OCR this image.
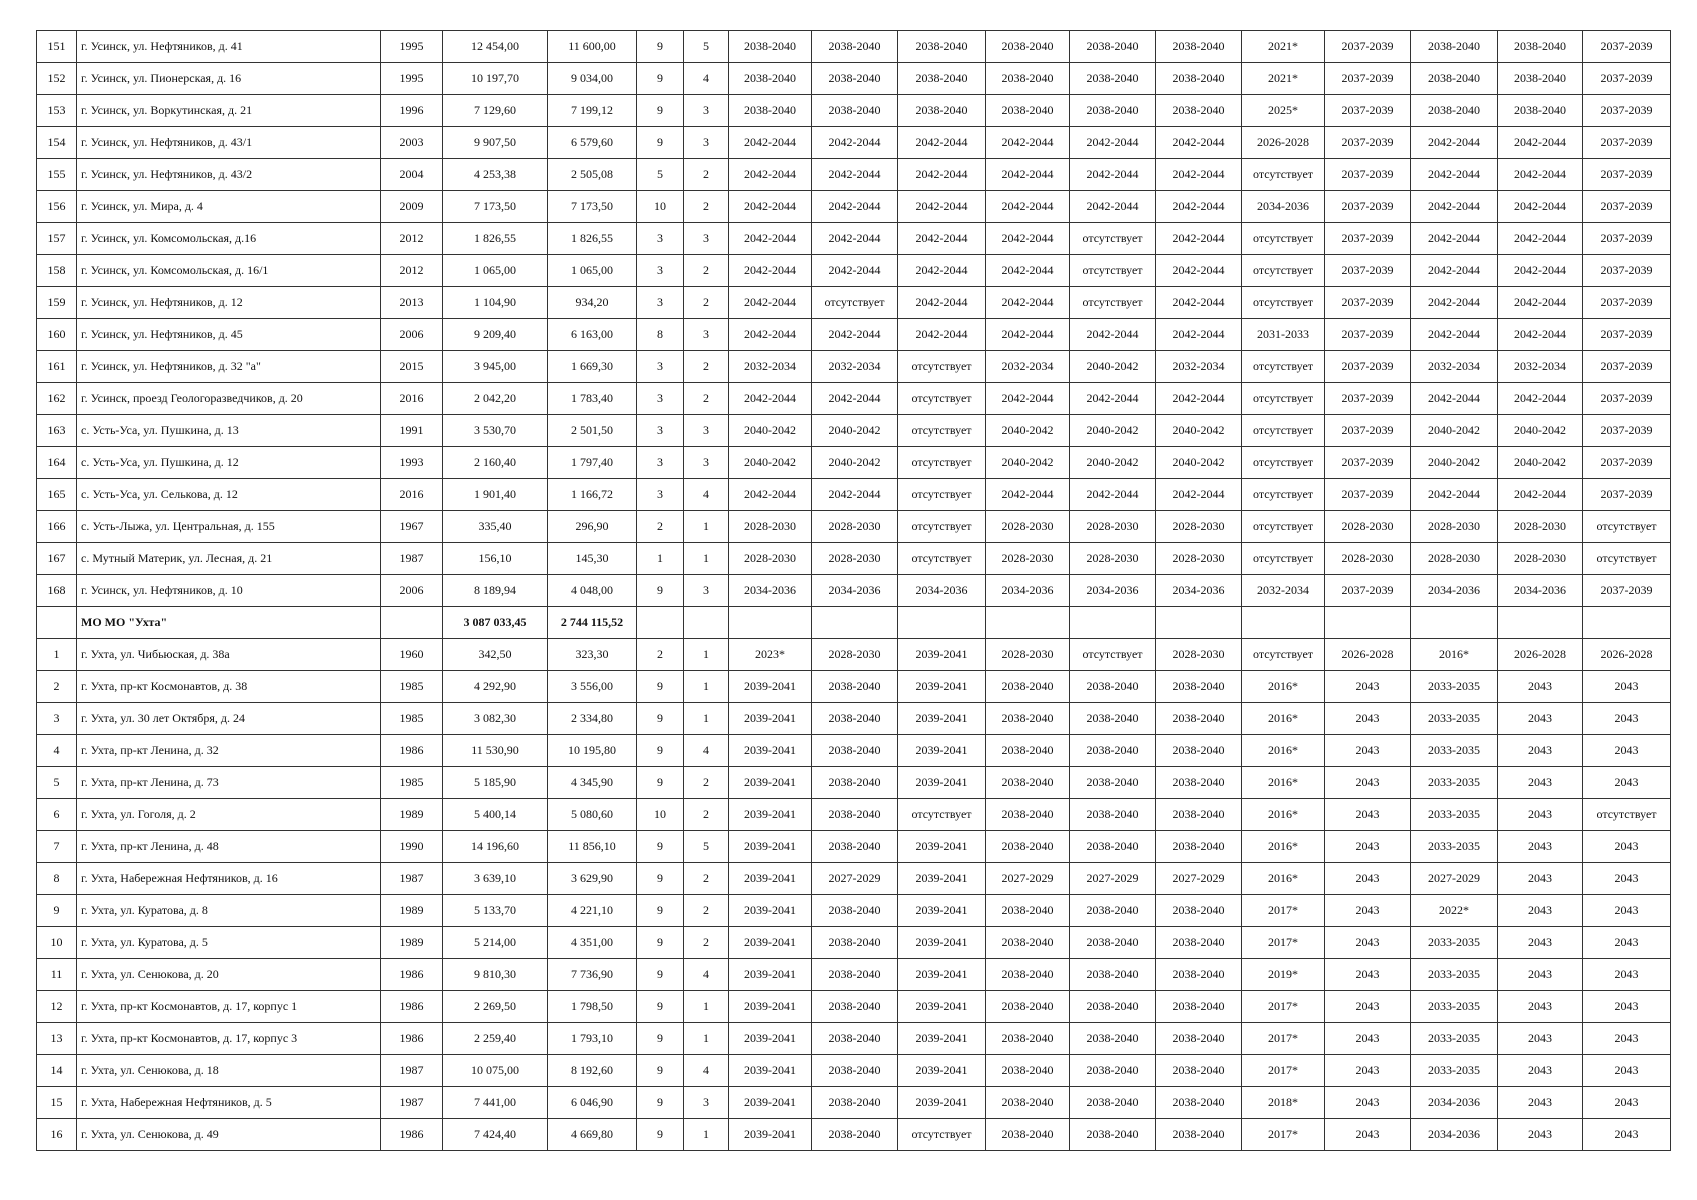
151	г. Усинск, ул. Нефтяников, д. 41	1995	12 454,00	11 600,00	9	5	2038-2040	2038-2040	2038-2040	2038-2040	2038-2040	2038-2040	2021*	2037-2039	2038-2040	2038-2040	2037-2039
152	г. Усинск, ул. Пионерская, д. 16	1995	10 197,70	9 034,00	9	4	2038-2040	2038-2040	2038-2040	2038-2040	2038-2040	2038-2040	2021*	2037-2039	2038-2040	2038-2040	2037-2039
153	г. Усинск, ул. Воркутинская, д. 21	1996	7 129,60	7 199,12	9	3	2038-2040	2038-2040	2038-2040	2038-2040	2038-2040	2038-2040	2025*	2037-2039	2038-2040	2038-2040	2037-2039
154	г. Усинск, ул. Нефтяников, д. 43/1	2003	9 907,50	6 579,60	9	3	2042-2044	2042-2044	2042-2044	2042-2044	2042-2044	2042-2044	2026-2028	2037-2039	2042-2044	2042-2044	2037-2039
155	г. Усинск, ул. Нефтяников, д. 43/2	2004	4 253,38	2 505,08	5	2	2042-2044	2042-2044	2042-2044	2042-2044	2042-2044	2042-2044	отсутствует	2037-2039	2042-2044	2042-2044	2037-2039
156	г. Усинск, ул. Мира, д. 4	2009	7 173,50	7 173,50	10	2	2042-2044	2042-2044	2042-2044	2042-2044	2042-2044	2042-2044	2034-2036	2037-2039	2042-2044	2042-2044	2037-2039
157	г. Усинск, ул. Комсомольская, д.16	2012	1 826,55	1 826,55	3	3	2042-2044	2042-2044	2042-2044	2042-2044	отсутствует	2042-2044	отсутствует	2037-2039	2042-2044	2042-2044	2037-2039
158	г. Усинск, ул. Комсомольская, д. 16/1	2012	1 065,00	1 065,00	3	2	2042-2044	2042-2044	2042-2044	2042-2044	отсутствует	2042-2044	отсутствует	2037-2039	2042-2044	2042-2044	2037-2039
159	г. Усинск, ул. Нефтяников, д. 12	2013	1 104,90	934,20	3	2	2042-2044	отсутствует	2042-2044	2042-2044	отсутствует	2042-2044	отсутствует	2037-2039	2042-2044	2042-2044	2037-2039
160	г. Усинск, ул. Нефтяников, д. 45	2006	9 209,40	6 163,00	8	3	2042-2044	2042-2044	2042-2044	2042-2044	2042-2044	2042-2044	2031-2033	2037-2039	2042-2044	2042-2044	2037-2039
161	г. Усинск, ул. Нефтяников, д. 32 "а"	2015	3 945,00	1 669,30	3	2	2032-2034	2032-2034	отсутствует	2032-2034	2040-2042	2032-2034	отсутствует	2037-2039	2032-2034	2032-2034	2037-2039
162	г. Усинск, проезд Геологоразведчиков, д. 20	2016	2 042,20	1 783,40	3	2	2042-2044	2042-2044	отсутствует	2042-2044	2042-2044	2042-2044	отсутствует	2037-2039	2042-2044	2042-2044	2037-2039
163	с. Усть-Уса, ул. Пушкина, д. 13	1991	3 530,70	2 501,50	3	3	2040-2042	2040-2042	отсутствует	2040-2042	2040-2042	2040-2042	отсутствует	2037-2039	2040-2042	2040-2042	2037-2039
164	с. Усть-Уса, ул. Пушкина, д. 12	1993	2 160,40	1 797,40	3	3	2040-2042	2040-2042	отсутствует	2040-2042	2040-2042	2040-2042	отсутствует	2037-2039	2040-2042	2040-2042	2037-2039
165	с. Усть-Уса, ул. Селькова, д. 12	2016	1 901,40	1 166,72	3	4	2042-2044	2042-2044	отсутствует	2042-2044	2042-2044	2042-2044	отсутствует	2037-2039	2042-2044	2042-2044	2037-2039
166	с. Усть-Лыжа, ул. Центральная, д. 155	1967	335,40	296,90	2	1	2028-2030	2028-2030	отсутствует	2028-2030	2028-2030	2028-2030	отсутствует	2028-2030	2028-2030	2028-2030	отсутствует
167	с. Мутный Материк, ул. Лесная, д. 21	1987	156,10	145,30	1	1	2028-2030	2028-2030	отсутствует	2028-2030	2028-2030	2028-2030	отсутствует	2028-2030	2028-2030	2028-2030	отсутствует
168	г. Усинск, ул. Нефтяников, д. 10	2006	8 189,94	4 048,00	9	3	2034-2036	2034-2036	2034-2036	2034-2036	2034-2036	2034-2036	2032-2034	2037-2039	2034-2036	2034-2036	2037-2039
	МО МО "Ухта"		3 087 033,45	2 744 115,52													
1	г. Ухта, ул. Чибьюская, д. 38а	1960	342,50	323,30	2	1	2023*	2028-2030	2039-2041	2028-2030	отсутствует	2028-2030	отсутствует	2026-2028	2016*	2026-2028	2026-2028
2	г. Ухта, пр-кт Космонавтов, д. 38	1985	4 292,90	3 556,00	9	1	2039-2041	2038-2040	2039-2041	2038-2040	2038-2040	2038-2040	2016*	2043	2033-2035	2043	2043
3	г. Ухта, ул. 30 лет Октября, д. 24	1985	3 082,30	2 334,80	9	1	2039-2041	2038-2040	2039-2041	2038-2040	2038-2040	2038-2040	2016*	2043	2033-2035	2043	2043
4	г. Ухта, пр-кт Ленина, д. 32	1986	11 530,90	10 195,80	9	4	2039-2041	2038-2040	2039-2041	2038-2040	2038-2040	2038-2040	2016*	2043	2033-2035	2043	2043
5	г. Ухта, пр-кт Ленина, д. 73	1985	5 185,90	4 345,90	9	2	2039-2041	2038-2040	2039-2041	2038-2040	2038-2040	2038-2040	2016*	2043	2033-2035	2043	2043
6	г. Ухта, ул. Гоголя, д. 2	1989	5 400,14	5 080,60	10	2	2039-2041	2038-2040	отсутствует	2038-2040	2038-2040	2038-2040	2016*	2043	2033-2035	2043	отсутствует
7	г. Ухта, пр-кт Ленина, д. 48	1990	14 196,60	11 856,10	9	5	2039-2041	2038-2040	2039-2041	2038-2040	2038-2040	2038-2040	2016*	2043	2033-2035	2043	2043
8	г. Ухта, Набережная Нефтяников, д. 16	1987	3 639,10	3 629,90	9	2	2039-2041	2027-2029	2039-2041	2027-2029	2027-2029	2027-2029	2016*	2043	2027-2029	2043	2043
9	г. Ухта, ул. Куратова, д. 8	1989	5 133,70	4 221,10	9	2	2039-2041	2038-2040	2039-2041	2038-2040	2038-2040	2038-2040	2017*	2043	2022*	2043	2043
10	г. Ухта, ул. Куратова, д. 5	1989	5 214,00	4 351,00	9	2	2039-2041	2038-2040	2039-2041	2038-2040	2038-2040	2038-2040	2017*	2043	2033-2035	2043	2043
11	г. Ухта, ул. Сенюкова, д. 20	1986	9 810,30	7 736,90	9	4	2039-2041	2038-2040	2039-2041	2038-2040	2038-2040	2038-2040	2019*	2043	2033-2035	2043	2043
12	г. Ухта, пр-кт Космонавтов, д. 17, корпус 1	1986	2 269,50	1 798,50	9	1	2039-2041	2038-2040	2039-2041	2038-2040	2038-2040	2038-2040	2017*	2043	2033-2035	2043	2043
13	г. Ухта, пр-кт Космонавтов, д. 17, корпус 3	1986	2 259,40	1 793,10	9	1	2039-2041	2038-2040	2039-2041	2038-2040	2038-2040	2038-2040	2017*	2043	2033-2035	2043	2043
14	г. Ухта, ул. Сенюкова, д. 18	1987	10 075,00	8 192,60	9	4	2039-2041	2038-2040	2039-2041	2038-2040	2038-2040	2038-2040	2017*	2043	2033-2035	2043	2043
15	г. Ухта, Набережная Нефтяников, д. 5	1987	7 441,00	6 046,90	9	3	2039-2041	2038-2040	2039-2041	2038-2040	2038-2040	2038-2040	2018*	2043	2034-2036	2043	2043
16	г. Ухта, ул. Сенюкова, д. 49	1986	7 424,40	4 669,80	9	1	2039-2041	2038-2040	отсутствует	2038-2040	2038-2040	2038-2040	2017*	2043	2034-2036	2043	2043
